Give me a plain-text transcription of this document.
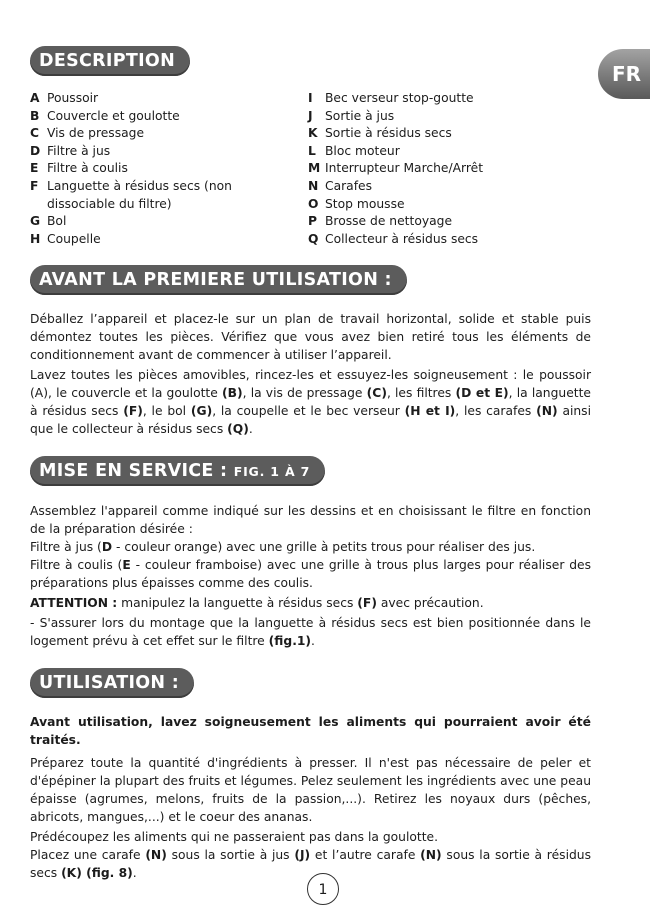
FR
DESCRIPTION
A Poussoir
B Couvercle et goulotte
C Vis de pressage
D Filtre à jus
E Filtre à coulis
F Languette à résidus secs (non dissociable du filtre)
G Bol
H Coupelle
I	Bec verseur stop-goutte
J	Sortie à jus
K Sortie à résidus secs
L Bloc moteur
M Interrupteur Marche/Arrêt
N Carafes
O Stop mousse
P Brosse de nettoyage
Q Collecteur à résidus secs
AVANT LA PREMIERE UTILISATION :

Déballez l’appareil et placez-le sur un plan de travail horizontal, solide et stable puis démontez toutes les pièces. Vérifiez que vous avez bien retiré tous les éléments de conditionnement avant de commencer à utiliser l’appareil.

Lavez toutes les pièces amovibles, rincez-les et essuyez-les soigneusement : le poussoir (A), le couvercle et la goulotte (B), la vis de pressage (C), les filtres (D et E), la languette à résidus secs (F), le bol (G), la coupelle et le bec verseur (H et I), les carafes (N) ainsi que le collecteur à résidus secs (Q).

MISE EN SERVICE : FIG. 1 À 7

Assemblez l'appareil comme indiqué sur les dessins et en choisissant le filtre en fonction de la préparation désirée :

Filtre à jus (D - couleur orange) avec une grille à petits trous pour réaliser des jus.

Filtre à coulis (E - couleur framboise) avec une grille à trous plus larges pour réaliser des préparations plus épaisses comme des coulis.

ATTENTION : manipulez la languette à résidus secs (F) avec précaution.

- S'assurer lors du montage que la languette à résidus secs est bien positionnée dans le logement prévu à cet effet sur le filtre (fig.1).

UTILISATION :

Avant utilisation, lavez soigneusement les aliments qui pourraient avoir été traités.

Préparez toute la quantité d'ingrédients à presser. Il n'est pas nécessaire de peler et d'épépiner la plupart des fruits et légumes. Pelez seulement les ingrédients avec une peau épaisse (agrumes, melons, fruits de la passion,...). Retirez les noyaux durs (pêches, abricots, mangues,...) et le coeur des ananas.

Prédécoupez les aliments qui ne passeraient pas dans la goulotte.

Placez une carafe (N) sous la sortie à jus (J) et l’autre carafe (N) sous la sortie à résidus secs (K) (fig. 8).

1
